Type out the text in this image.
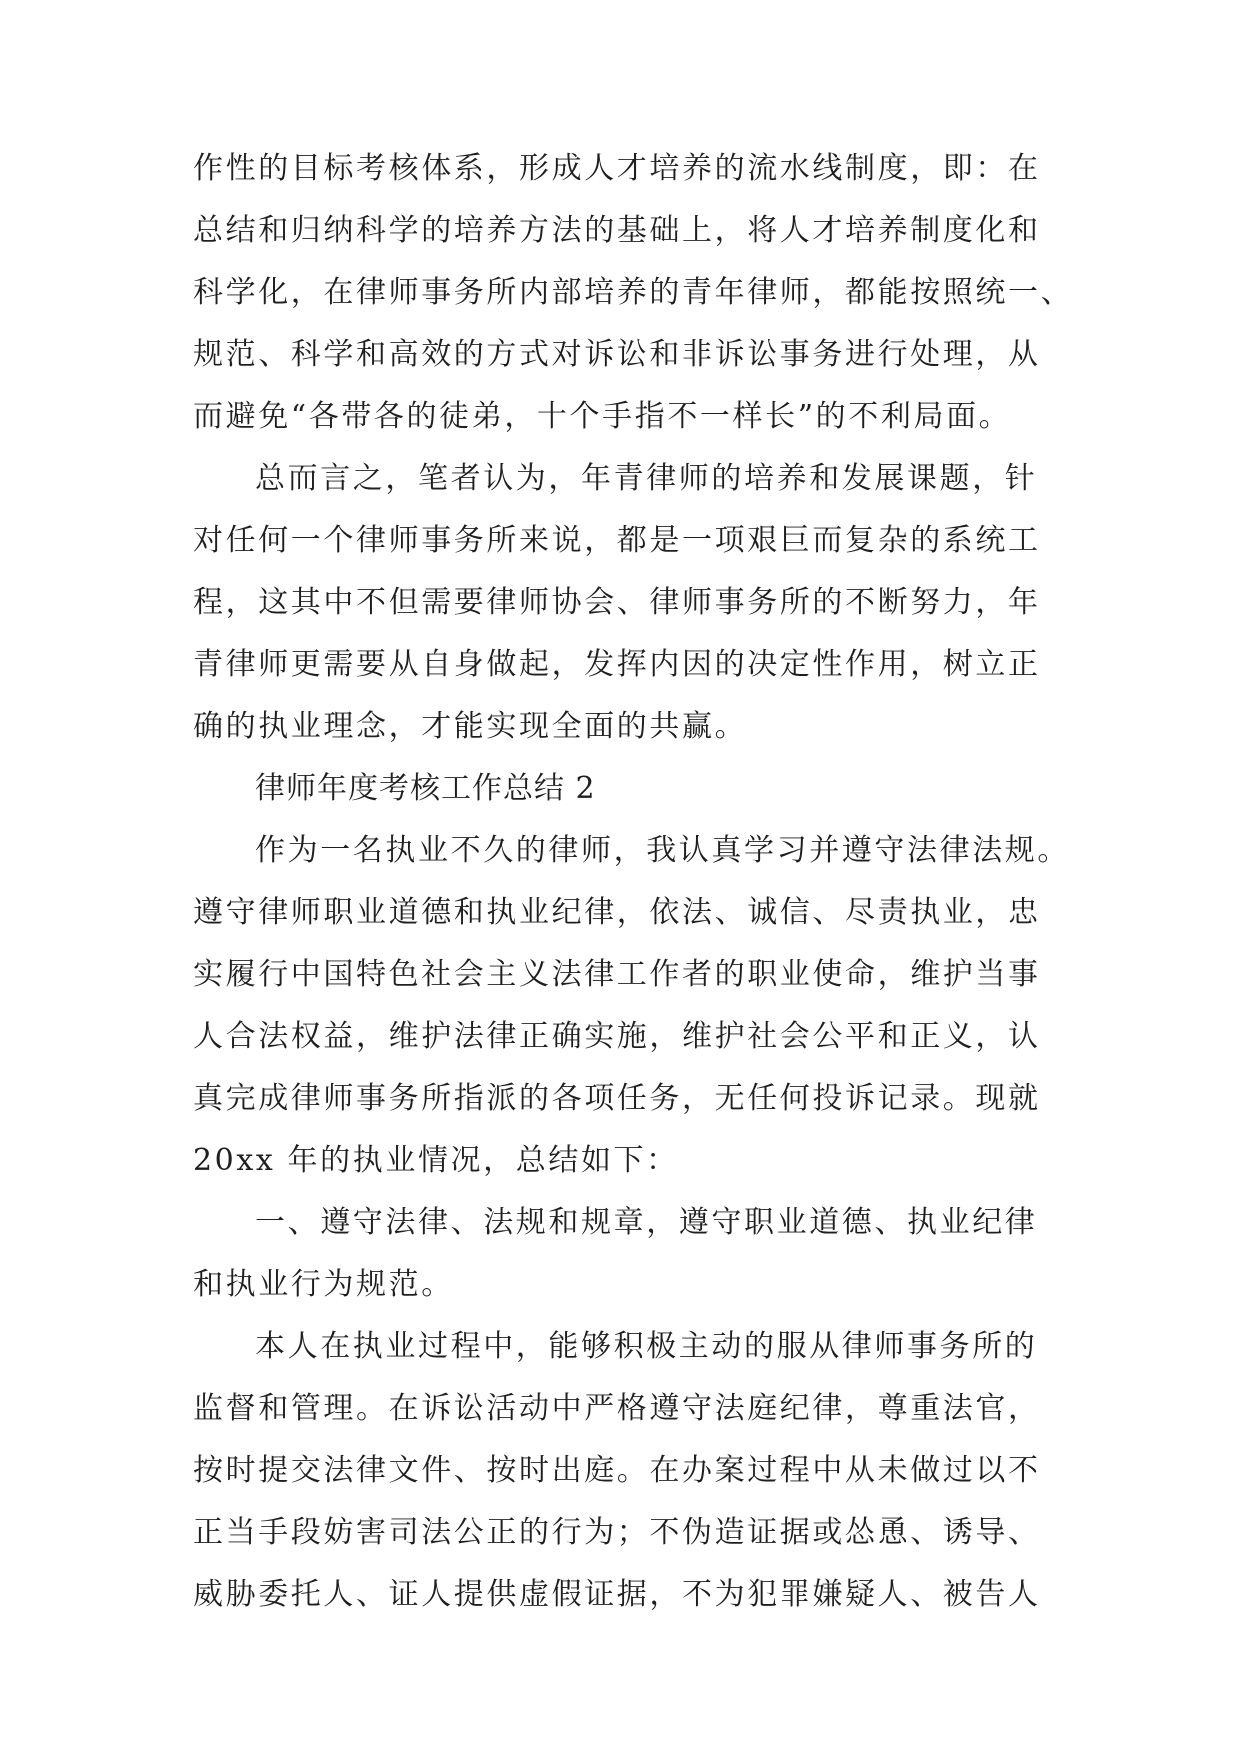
作性的目标考核体系，形成人才培养的流水线制度，即：在
总结和归纳科学的培养方法的基础上，将人才培养制度化和
科学化，在律师事务所内部培养的青年律师，都能按照统一、
规范、科学和高效的方式对诉讼和非诉讼事务进行处理，从
而避免“各带各的徒弟，十个手指不一样长”的不利局面。
总而言之，笔者认为，年青律师的培养和发展课题，针
对任何一个律师事务所来说，都是一项艰巨而复杂的系统工
程，这其中不但需要律师协会、律师事务所的不断努力，年
青律师更需要从自身做起，发挥内因的决定性作用，树立正
确的执业理念，才能实现全面的共赢。
律师年度考核工作总结 2
作为一名执业不久的律师，我认真学习并遵守法律法规。
遵守律师职业道德和执业纪律，依法、诚信、尽责执业，忠
实履行中国特色社会主义法律工作者的职业使命，维护当事
人合法权益，维护法律正确实施，维护社会公平和正义，认
真完成律师事务所指派的各项任务，无任何投诉记录。现就
20xx 年的执业情况，总结如下：
一、遵守法律、法规和规章，遵守职业道德、执业纪律
和执业行为规范。
本人在执业过程中，能够积极主动的服从律师事务所的
监督和管理。在诉讼活动中严格遵守法庭纪律，尊重法官，
按时提交法律文件、按时出庭。在办案过程中从未做过以不
正当手段妨害司法公正的行为；不伪造证据或怂恿、诱导、
威胁委托人、证人提供虚假证据，不为犯罪嫌疑人、被告人
